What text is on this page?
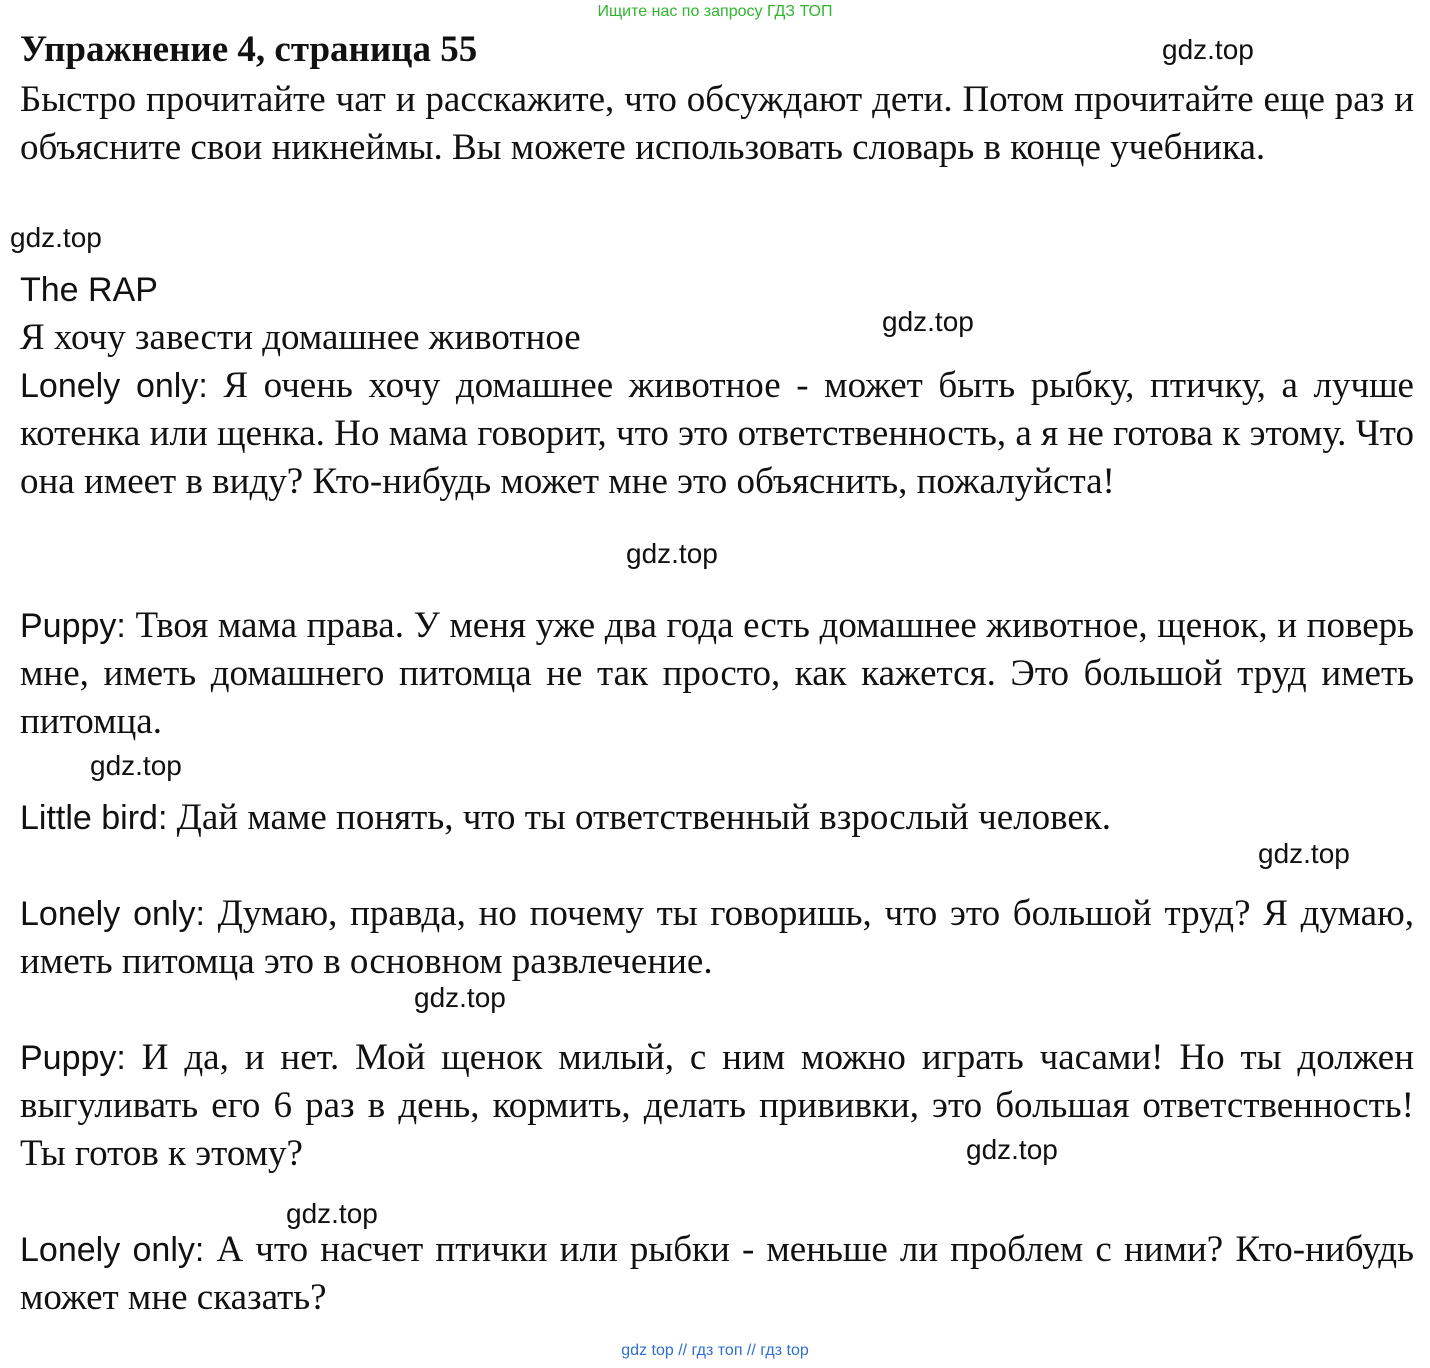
Ищите нас по запросу ГДЗ ТОП
Упражнение 4, страница 55

Быстро прочитайте чат и расскажите, что обсуждают дети. Потом прочитайте еще раз и объясните свои никнеймы. Вы можете использовать словарь в конце учебника.

The RAP

Я хочу завести домашнее животное

Lonely only: Я очень хочу домашнее животное - может быть рыбку, птичку, а лучше котенка или щенка. Но мама говорит, что это ответственность, а я не готова к этому. Что она имеет в виду? Кто-нибудь может мне это объяснить, пожалуйста!

Puppy: Твоя мама права. У меня уже два года есть домашнее животное, щенок, и поверь мне, иметь домашнего питомца не так просто, как кажется. Это большой труд иметь питомца.

Little bird: Дай маме понять, что ты ответственный взрослый человек.

Lonely only: Думаю, правда, но почему ты говоришь, что это большой труд? Я думаю, иметь питомца это в основном развлечение.

Puppy: И да, и нет. Мой щенок милый, с ним можно играть часами! Но ты должен выгуливать его 6 раз в день, кормить, делать прививки, это большая ответственность! Ты готов к этому?

Lonely only: А что насчет птички или рыбки - меньше ли проблем с ними? Кто-нибудь может мне сказать?

gdz.top
gdz.top
gdz.top
gdz.top
gdz.top
gdz.top
gdz.top
gdz.top
gdz.top
gdz top // гдз топ // гдз top
